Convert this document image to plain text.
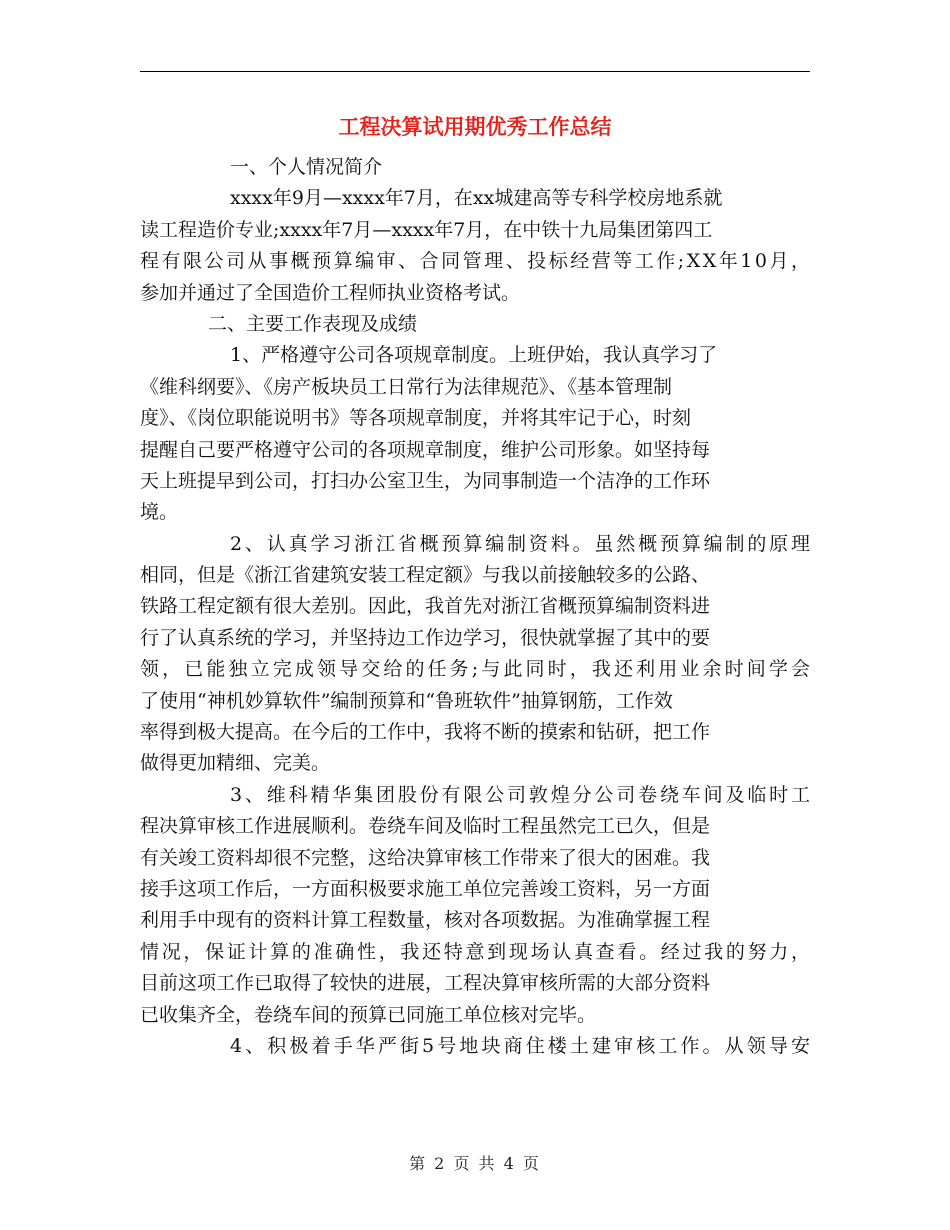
工程决算试用期优秀工作总结
一、个人情况简介
xxxx年9月—xxxx年7月，在xx城建高等专科学校房地系就
读工程造价专业;xxxx年7月—xxxx年7月，在中铁十九局集团第四工
程有限公司从事概预算编审、合同管理、投标经营等工作;XX年10月，
参加并通过了全国造价工程师执业资格考试。
二、主要工作表现及成绩
1、严格遵守公司各项规章制度。上班伊始，我认真学习了
《维科纲要》、《房产板块员工日常行为法律规范》、《基本管理制
度》、《岗位职能说明书》等各项规章制度，并将其牢记于心，时刻
提醒自己要严格遵守公司的各项规章制度，维护公司形象。如坚持每
天上班提早到公司，打扫办公室卫生，为同事制造一个洁净的工作环
境。
2、认真学习浙江省概预算编制资料。虽然概预算编制的原理
相同，但是《浙江省建筑安装工程定额》与我以前接触较多的公路、
铁路工程定额有很大差别。因此，我首先对浙江省概预算编制资料进
行了认真系统的学习，并坚持边工作边学习，很快就掌握了其中的要
领，已能独立完成领导交给的任务;与此同时，我还利用业余时间学会
了使用“神机妙算软件”编制预算和“鲁班软件”抽算钢筋，工作效
率得到极大提高。在今后的工作中，我将不断的摸索和钻研，把工作
做得更加精细、完美。
3、维科精华集团股份有限公司敦煌分公司卷绕车间及临时工
程决算审核工作进展顺利。卷绕车间及临时工程虽然完工已久，但是
有关竣工资料却很不完整，这给决算审核工作带来了很大的困难。我
接手这项工作后，一方面积极要求施工单位完善竣工资料，另一方面
利用手中现有的资料计算工程数量，核对各项数据。为准确掌握工程
情况，保证计算的准确性，我还特意到现场认真查看。经过我的努力，
目前这项工作已取得了较快的进展，工程决算审核所需的大部分资料
已收集齐全，卷绕车间的预算已同施工单位核对完毕。
4、积极着手华严街5号地块商住楼土建审核工作。从领导安
第 2 页 共 4 页
